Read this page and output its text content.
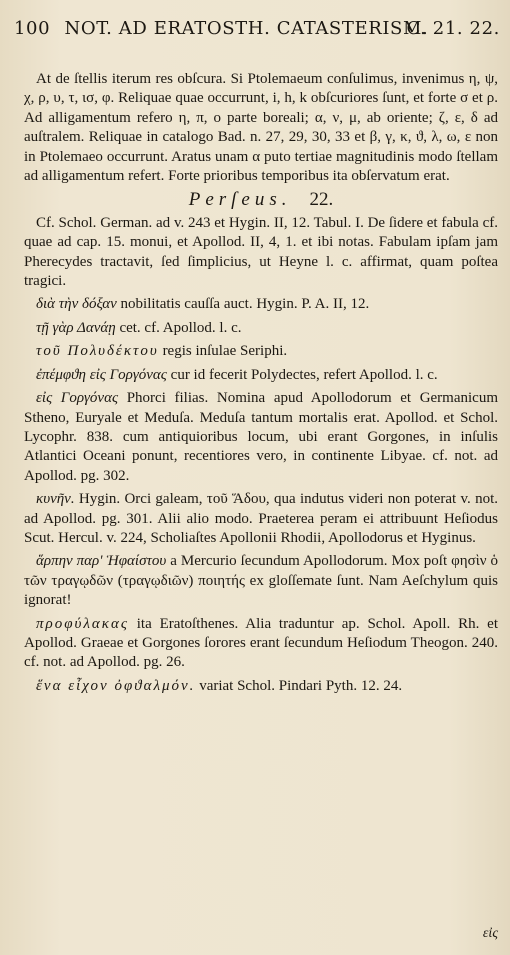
100 NOT. AD ERATOSTH. CATASTERISM.
C. 21. 22.

At de ſtellis iterum res obſcura. Si Ptolemaeum conſulimus, invenimus η, ψ, χ, ρ, υ, τ, ισ, φ. Reliquae quae occurrunt, i, h, k obſcuriores ſunt, et forte σ et ρ. Ad alligamentum refero η, π, ο parte boreali; α, ν, μ, ab oriente; ζ, ε, δ ad auſtralem. Reliquae in catalogo Bad. n. 27, 29, 30, 33 et β, γ, κ, ϑ, λ, ω, ε non in Ptolemaeo occurrunt. Aratus unam α puto tertiae magnitudinis modo ſtellam ad alligamentum refert. Forte prioribus temporibus ita obſervatum erat.

Perſeus. 22.

Cf. Schol. German. ad v. 243 et Hygin. II, 12. Tabul. I. De ſidere et fabula cf. quae ad cap. 15. monui, et Apollod. II, 4, 1. et ibi notas. Fabulam ipſam jam Pherecydes tractavit, ſed ſimplicius, ut Heyne l. c. affirmat, quam poſtea tragici.

διὰ τὴν δόξαν nobilitatis cauſſa auct. Hygin. P. A. II, 12.

τῇ γὰρ Δανάῃ cet. cf. Apollod. l. c.

τοῦ Πολυδέκτου regis inſulae Seriphi.

ἐπέμφϑη εἰς Γοργόνας cur id fecerit Polydectes, refert Apollod. l. c.

εἰς Γοργόνας Phorci filias. Nomina apud Apollodorum et Germanicum Stheno, Euryale et Meduſa. Meduſa tantum mortalis erat. Apollod. et Schol. Lycophr. 838. cum antiquioribus locum, ubi erant Gorgones, in inſulis Atlantici Oceani ponunt, recentiores vero, in continente Libyae. cf. not. ad Apollod. pg. 302.

κυνῆν. Hygin. Orci galeam, τοῦ Ἅδου, qua indutus videri non poterat v. not. ad Apollod. pg. 301. Alii alio modo. Praeterea peram ei attribuunt Heſiodus Scut. Hercul. v. 224, Scholiaſtes Apollonii Rhodii, Apollodorus et Hyginus.

ἅρπην παρ' Ἡφαίστου a Mercurio ſecundum Apollodorum. Mox poſt φησὶν ὁ τῶν τραγῳδῶν (τραγῳδιῶν) ποιητής ex gloſſemate ſunt. Nam Aeſchylum quis ignorat!

προφύλακας ita Eratoſthenes. Alia traduntur ap. Schol. Apoll. Rh. et Apollod. Graeae et Gorgones ſorores erant ſecundum Heſiodum Theogon. 240. cf. not. ad Apollod. pg. 26.

ἕνα εἶχον ὀφϑαλμόν. variat Schol. Pindari Pyth. 12. 24.

εἰς
